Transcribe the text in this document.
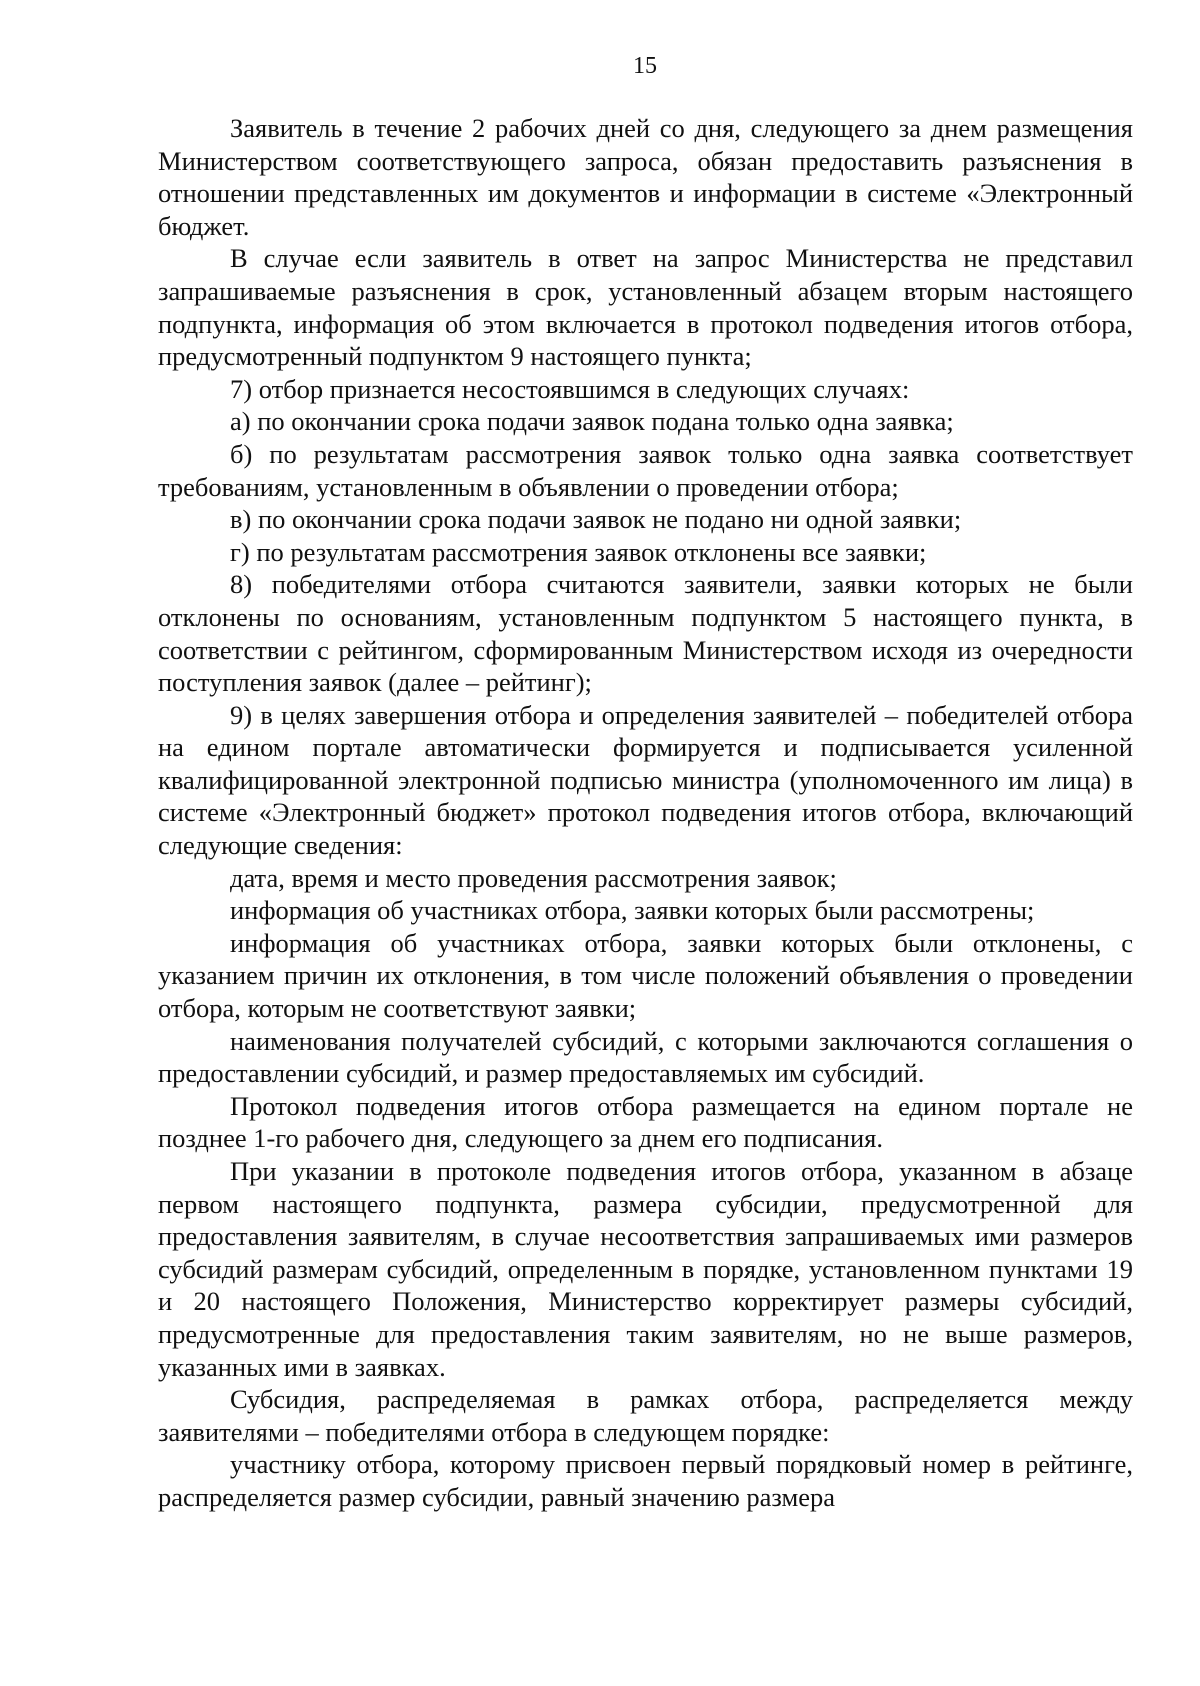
15

Заявитель в течение 2 рабочих дней со дня, следующего за днем размещения Министерством соответствующего запроса, обязан предоставить разъяснения в отношении представленных им документов и информации в системе «Электронный бюджет.

В случае если заявитель в ответ на запрос Министерства не представил запрашиваемые разъяснения в срок, установленный абзацем вторым настоящего подпункта, информация об этом включается в протокол подведения итогов отбора, предусмотренный подпунктом 9 настоящего пункта;

7) отбор признается несостоявшимся в следующих случаях:

а) по окончании срока подачи заявок подана только одна заявка;

б) по результатам рассмотрения заявок только одна заявка соответствует требованиям, установленным в объявлении о проведении отбора;

в) по окончании срока подачи заявок не подано ни одной заявки;

г) по результатам рассмотрения заявок отклонены все заявки;

8) победителями отбора считаются заявители, заявки которых не были отклонены по основаниям, установленным подпунктом 5 настоящего пункта, в соответствии с рейтингом, сформированным Министерством исходя из очередности поступления заявок (далее – рейтинг);

9) в целях завершения отбора и определения заявителей – победителей отбора на едином портале автоматически формируется и подписывается усиленной квалифицированной электронной подписью министра (уполномоченного им лица) в системе «Электронный бюджет» протокол подведения итогов отбора, включающий следующие сведения:

дата, время и место проведения рассмотрения заявок;

информация об участниках отбора, заявки которых были рассмотрены;

информация об участниках отбора, заявки которых были отклонены, с указанием причин их отклонения, в том числе положений объявления о проведении отбора, которым не соответствуют заявки;

наименования получателей субсидий, с которыми заключаются соглашения о предоставлении субсидий, и размер предоставляемых им субсидий.

Протокол подведения итогов отбора размещается на едином портале не позднее 1-го рабочего дня, следующего за днем его подписания.

При указании в протоколе подведения итогов отбора, указанном в абзаце первом настоящего подпункта, размера субсидии, предусмотренной для предоставления заявителям, в случае несоответствия запрашиваемых ими размеров субсидий размерам субсидий, определенным в порядке, установленном пунктами 19 и 20 настоящего Положения, Министерство корректирует размеры субсидий, предусмотренные для предоставления таким заявителям, но не выше размеров, указанных ими в заявках.

Субсидия, распределяемая в рамках отбора, распределяется между заявителями – победителями отбора в следующем порядке:

участнику отбора, которому присвоен первый порядковый номер в рейтинге, распределяется размер субсидии, равный значению размера
